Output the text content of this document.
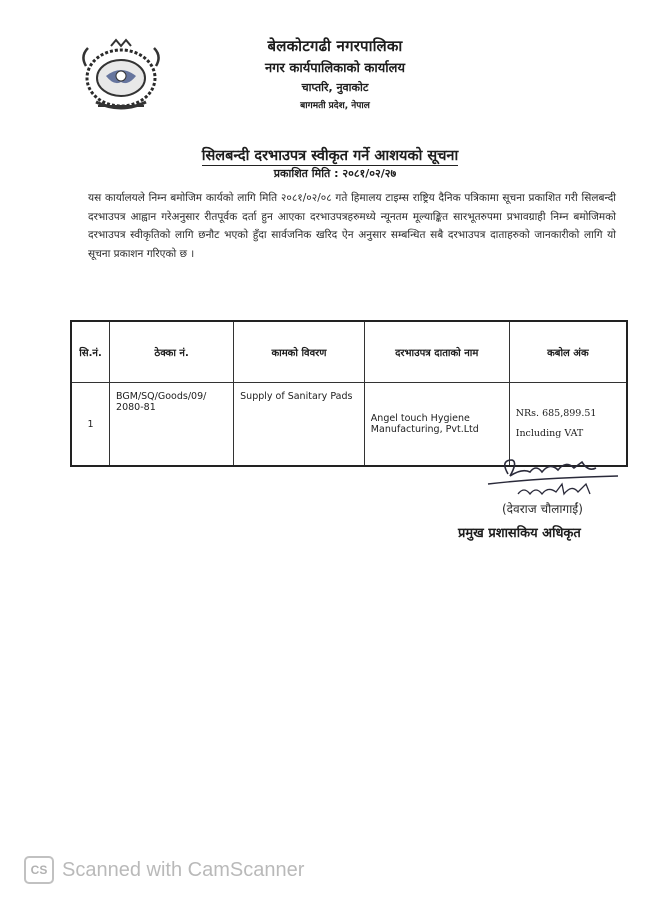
बेलकोटगढी नगरपालिका
नगर कार्यपालिकाको कार्यालय
चाप्तरि, नुवाकोट
बागमती प्रदेश, नेपाल
सिलबन्दी दरभाउपत्र स्वीकृत गर्ने आशयको सूचना
प्रकाशित मिति : २०८१/०२/२७
यस कार्यालयले निम्न बमोजिम कार्यको लागि मिति २०८१/०२/०८ गते हिमालय टाइम्स राष्ट्रिय दैनिक पत्रिकामा सूचना प्रकाशित गरी सिलबन्दी दरभाउपत्र आह्वान गरेअनुसार रीतपूर्वक दर्ता हुन आएका दरभाउपत्रहरुमध्ये न्यूनतम मूल्याङ्कित सारभूतरुपमा प्रभावग्राही निम्न बमोजिमको दरभाउपत्र स्वीकृतिको लागि छनौट भएको हुँदा सार्वजनिक खरिद ऐन अनुसार सम्बन्धित सबै दरभाउपत्र दाताहरुको जानकारीको लागि यो सूचना प्रकाशन गरिएको छ ।
सि.नं.	ठेक्का नं.	कामको विवरण	दरभाउपत्र दाताको नाम	कबोल अंक
1	BGM/SQ/Goods/09/ 2080-81	Supply of Sanitary Pads	Angel touch Hygiene Manufacturing, Pvt.Ltd	NRs. 685,899.51
Including VAT
(देवराज चौलागाईं)
प्रमुख प्रशासकिय अधिकृत
CS Scanned with CamScanner
